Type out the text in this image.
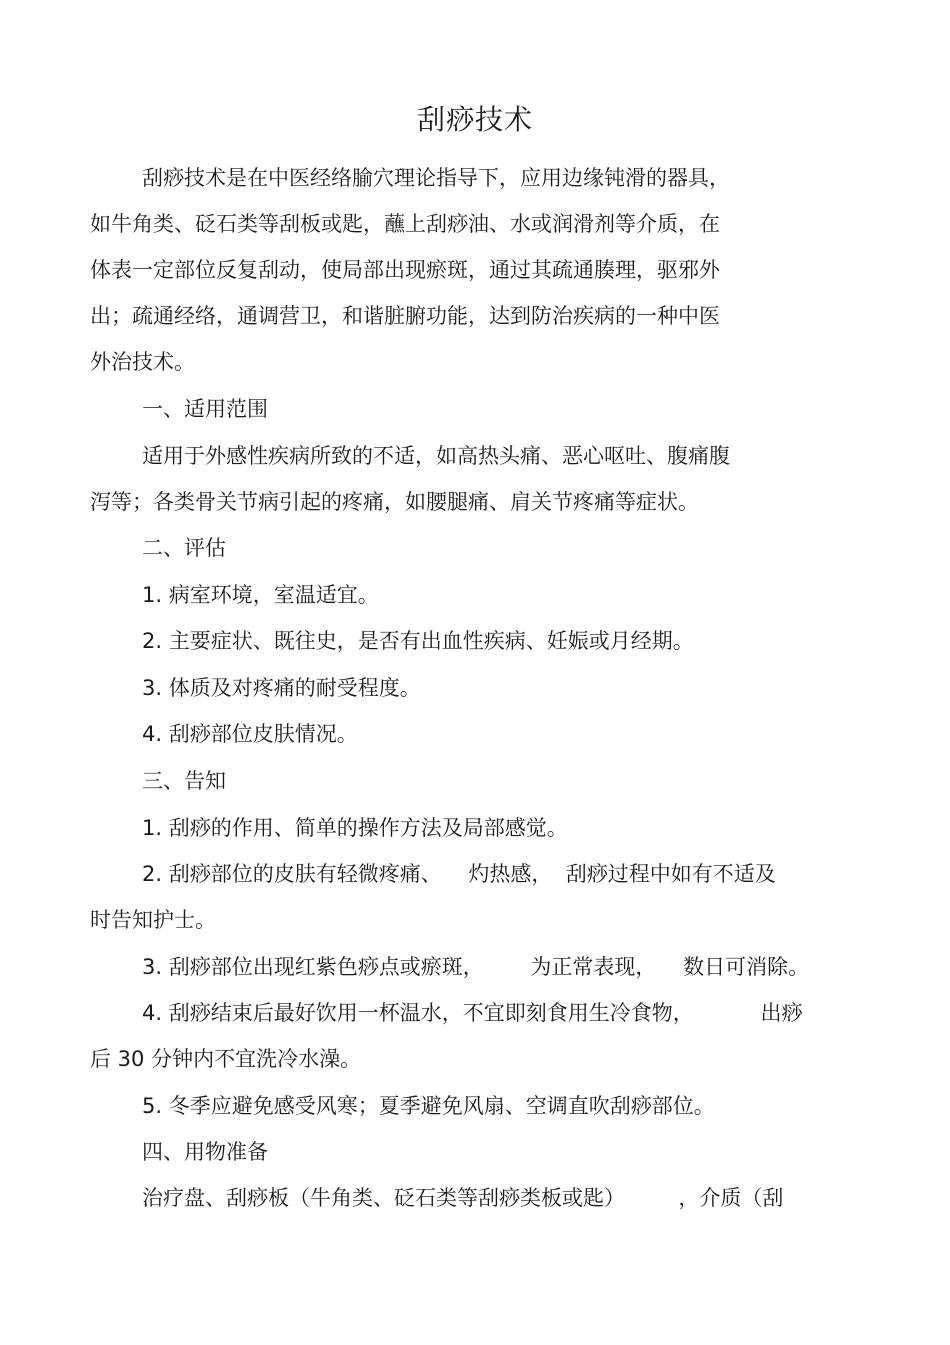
刮痧技术
刮痧技术是在中医经络腧穴理论指导下，应用边缘钝滑的器具，
如牛角类、砭石类等刮板或匙，蘸上刮痧油、水或润滑剂等介质，在
体表一定部位反复刮动，使局部出现瘀斑，通过其疏通腠理，驱邪外
出；疏通经络，通调营卫，和谐脏腑功能，达到防治疾病的一种中医
外治技术。
一、适用范围
适用于外感性疾病所致的不适，如高热头痛、恶心呕吐、腹痛腹
泻等；各类骨关节病引起的疼痛，如腰腿痛、肩关节疼痛等症状。
二、评估
1. 病室环境，室温适宜。
2. 主要症状、既往史，是否有出血性疾病、妊娠或月经期。
3. 体质及对疼痛的耐受程度。
4. 刮痧部位皮肤情况。
三、告知
1. 刮痧的作用、简单的操作方法及局部感觉。
2. 刮痧部位的皮肤有轻微疼痛、    灼热感，  刮痧过程中如有不适及
时告知护士。
3. 刮痧部位出现红紫色痧点或瘀斑，       为正常表现，    数日可消除。
4. 刮痧结束后最好饮用一杯温水，不宜即刻食用生冷食物，          出痧
后 30 分钟内不宜洗冷水澡。
5. 冬季应避免感受风寒；夏季避免风扇、空调直吹刮痧部位。
四、用物准备
治疗盘、刮痧板（牛角类、砭石类等刮痧类板或匙）        ，介质（刮
